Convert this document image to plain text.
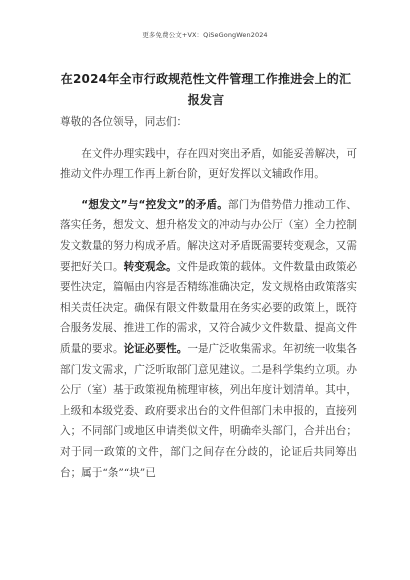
更多免费公文+VX：QiSeGongWen2024
在2024年全市行政规范性文件管理工作推进会上的汇报发言

尊敬的各位领导，同志们：

在文件办理实践中，存在四对突出矛盾，如能妥善解决，可推动文件办理工作再上新台阶，更好发挥以文辅政作用。

“想发文”与“控发文”的矛盾。部门为借势借力推动工作、落实任务，想发文、想升格发文的冲动与办公厅（室）全力控制发文数量的努力构成矛盾。解决这对矛盾既需要转变观念，又需要把好关口。转变观念。文件是政策的载体。文件数量由政策必要性决定，篇幅由内容是否精练准确决定，发文规格由政策落实相关责任决定。确保有限文件数量用在务实必要的政策上，既符合服务发展、推进工作的需求，又符合减少文件数量、提高文件质量的要求。论证必要性。一是广泛收集需求。年初统一收集各部门发文需求，广泛听取部门意见建议。二是科学集约立项。办公厅（室）基于政策视角梳理审核，列出年度计划清单。其中，上级和本级党委、政府要求出台的文件但部门未申报的，直接列入；不同部门或地区申请类似文件，明确牵头部门，合并出台；对于同一政策的文件，部门之间存在分歧的，论证后共同筹出台；属于“条”“块”已
